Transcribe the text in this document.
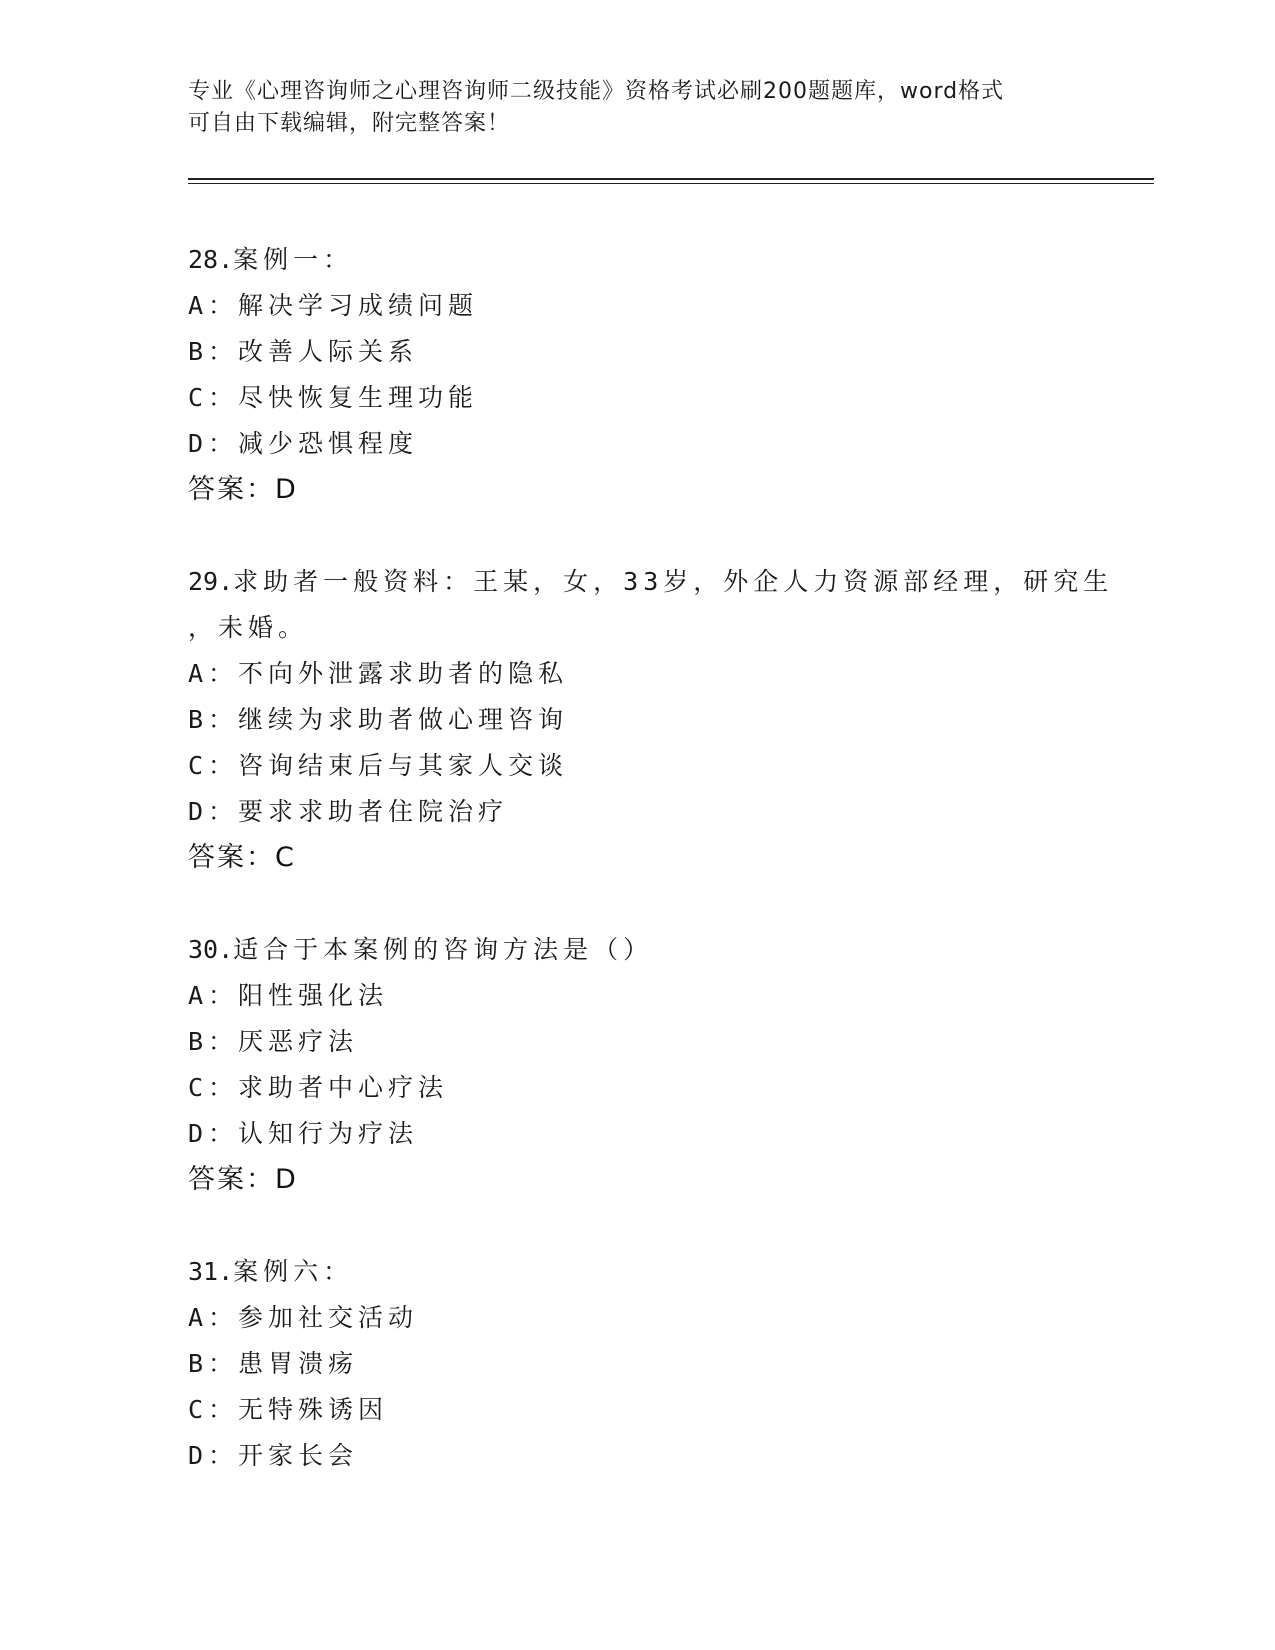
专业《心理咨询师之心理咨询师二级技能》资格考试必刷200题题库，word格式
可自由下载编辑，附完整答案！
28.案例一：
A：解决学习成绩问题
B：改善人际关系
C：尽快恢复生理功能
D：减少恐惧程度
答案：D
29.求助者一般资料：王某，女，33岁，外企人力资源部经理，研究生
，未婚。
A：不向外泄露求助者的隐私
B：继续为求助者做心理咨询
C：咨询结束后与其家人交谈
D：要求求助者住院治疗
答案：C
30.适合于本案例的咨询方法是（）
A：阳性强化法
B：厌恶疗法
C：求助者中心疗法
D：认知行为疗法
答案：D
31.案例六：
A：参加社交活动
B：患胃溃疡
C：无特殊诱因
D：开家长会
